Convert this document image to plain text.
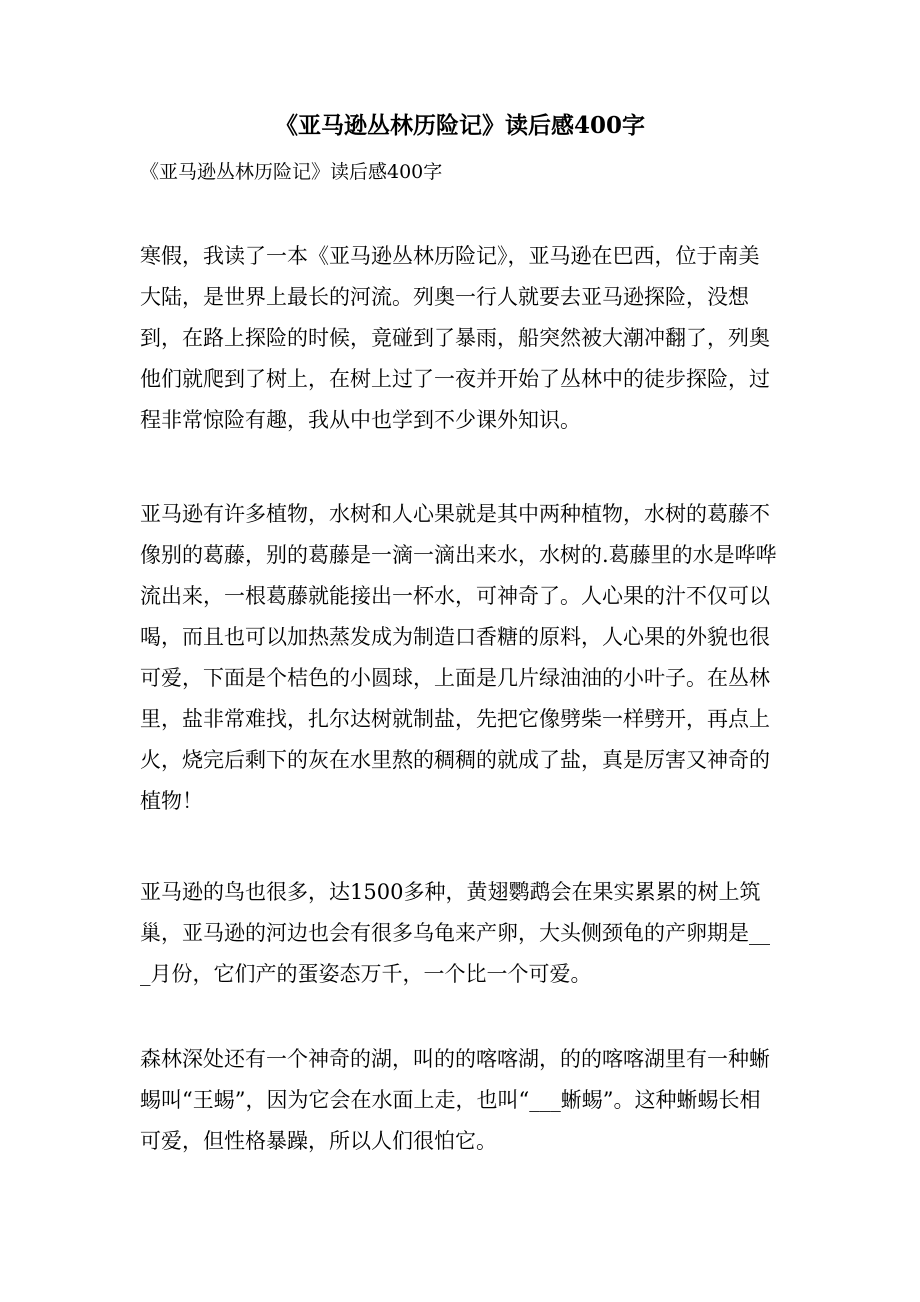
《亚马逊丛林历险记》读后感400字
《亚马逊丛林历险记》读后感400字
寒假，我读了一本《亚马逊丛林历险记》，亚马逊在巴西，位于南美大陆，是世界上最长的河流。列奥一行人就要去亚马逊探险，没想到，在路上探险的时候，竟碰到了暴雨，船突然被大潮冲翻了，列奥他们就爬到了树上，在树上过了一夜并开始了丛林中的徒步探险，过程非常惊险有趣，我从中也学到不少课外知识。
亚马逊有许多植物，水树和人心果就是其中两种植物，水树的葛藤不像别的葛藤，别的葛藤是一滴一滴出来水，水树的.葛藤里的水是哗哗流出来，一根葛藤就能接出一杯水，可神奇了。人心果的汁不仅可以喝，而且也可以加热蒸发成为制造口香糖的原料，人心果的外貌也很可爱，下面是个桔色的小圆球，上面是几片绿油油的小叶子。在丛林里，盐非常难找，扎尔达树就制盐，先把它像劈柴一样劈开，再点上火，烧完后剩下的灰在水里熬的稠稠的就成了盐，真是厉害又神奇的植物！
亚马逊的鸟也很多，达1500多种，黄翅鹦鹉会在果实累累的树上筑巢，亚马逊的河边也会有很多乌龟来产卵，大头侧颈龟的产卵期是___月份，它们产的蛋姿态万千，一个比一个可爱。
森林深处还有一个神奇的湖，叫的的喀喀湖，的的喀喀湖里有一种蜥蜴叫“王蜴”，因为它会在水面上走，也叫“___蜥蜴”。这种蜥蜴长相可爱，但性格暴躁，所以人们很怕它。
